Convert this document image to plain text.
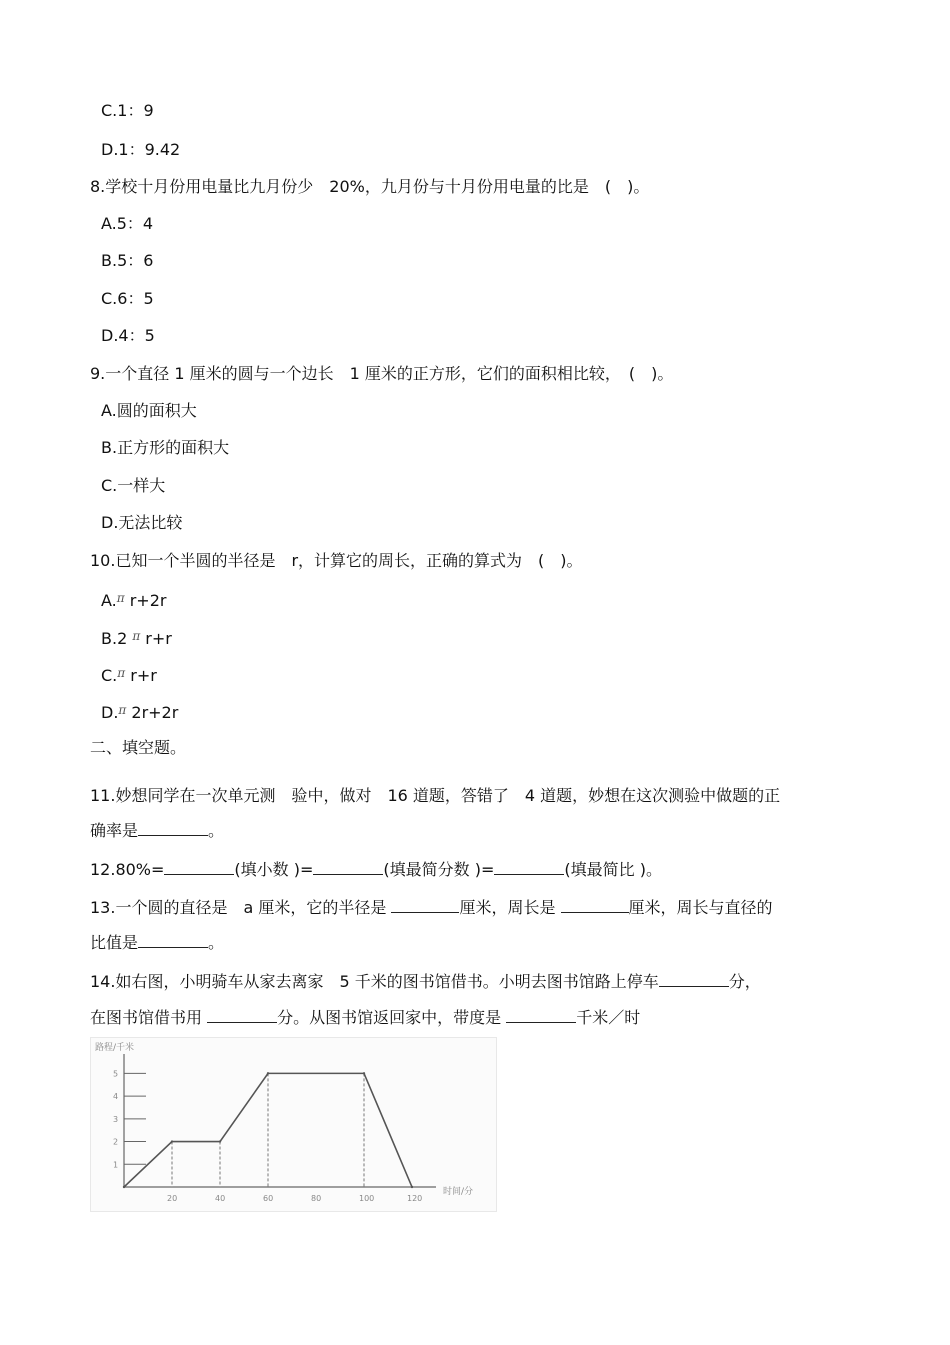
C.1：9
D.1：9.42
8.学校十月份用电量比九月份少　20%，九月份与十月份用电量的比是　(　)。
A.5：4
B.5：6
C.6：5
D.4：5
9.一个直径 1 厘米的圆与一个边长　1 厘米的正方形，它们的面积相比较，　(　)。
A.圆的面积大
B.正方形的面积大
C.一样大
D.无法比较
10.已知一个半圆的半径是　r，计算它的周长，正确的算式为　(　)。
A.$^\pi$ r+2r
B.2 $^\pi$ r+r
C.$^\pi$ r+r
D.$^\pi$ 2r+2r
二、填空题。
11.妙想同学在一次单元测　验中，做对　16 道题，答错了　4 道题，妙想在这次测验中做题的正
确率是	。
12.80%=	(填小数 )=	(填最简分数 )=	(填最简比 )。
13.一个圆的直径是　a 厘米，它的半径是	厘米，周长是	厘米，周长与直径的
比值是	。
14.如右图，小明骑车从家去离家　5 千米的图书馆借书。小明去图书馆路上停车	分，
在图书馆借书用	分。从图书馆返回家中，带度是	千米／时
路程/千米
时间/分
1
2
3
4
5
20	40	60	80	100	120
